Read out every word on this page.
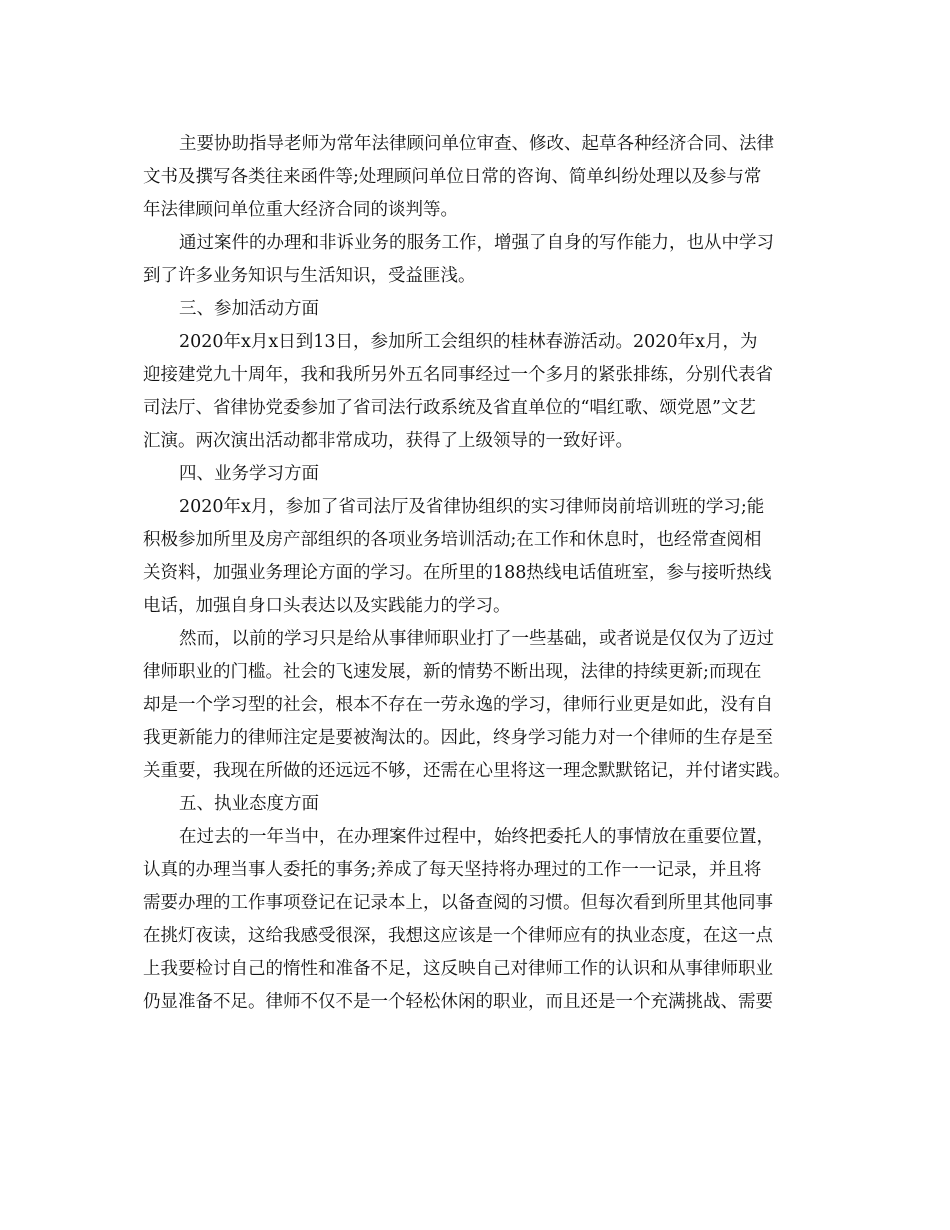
主要协助指导老师为常年法律顾问单位审查、修改、起草各种经济合同、法律
文书及撰写各类往来函件等;处理顾问单位日常的咨询、简单纠纷处理以及参与常
年法律顾问单位重大经济合同的谈判等。
通过案件的办理和非诉业务的服务工作，增强了自身的写作能力，也从中学习
到了许多业务知识与生活知识，受益匪浅。
三、参加活动方面
2020年x月x日到13日，参加所工会组织的桂林春游活动。2020年x月，为
迎接建党九十周年，我和我所另外五名同事经过一个多月的紧张排练，分别代表省
司法厅、省律协党委参加了省司法行政系统及省直单位的“唱红歌、颂党恩”文艺
汇演。两次演出活动都非常成功，获得了上级领导的一致好评。
四、业务学习方面
2020年x月，参加了省司法厅及省律协组织的实习律师岗前培训班的学习;能
积极参加所里及房产部组织的各项业务培训活动;在工作和休息时，也经常查阅相
关资料，加强业务理论方面的学习。在所里的188热线电话值班室，参与接听热线
电话，加强自身口头表达以及实践能力的学习。
然而，以前的学习只是给从事律师职业打了一些基础，或者说是仅仅为了迈过
律师职业的门槛。社会的飞速发展，新的情势不断出现，法律的持续更新;而现在
却是一个学习型的社会，根本不存在一劳永逸的学习，律师行业更是如此，没有自
我更新能力的律师注定是要被淘汰的。因此，终身学习能力对一个律师的生存是至
关重要，我现在所做的还远远不够，还需在心里将这一理念默默铭记，并付诸实践。
五、执业态度方面
在过去的一年当中，在办理案件过程中，始终把委托人的事情放在重要位置，
认真的办理当事人委托的事务;养成了每天坚持将办理过的工作一一记录，并且将
需要办理的工作事项登记在记录本上，以备查阅的习惯。但每次看到所里其他同事
在挑灯夜读，这给我感受很深，我想这应该是一个律师应有的执业态度，在这一点
上我要检讨自己的惰性和准备不足，这反映自己对律师工作的认识和从事律师职业
仍显准备不足。律师不仅不是一个轻松休闲的职业，而且还是一个充满挑战、需要
